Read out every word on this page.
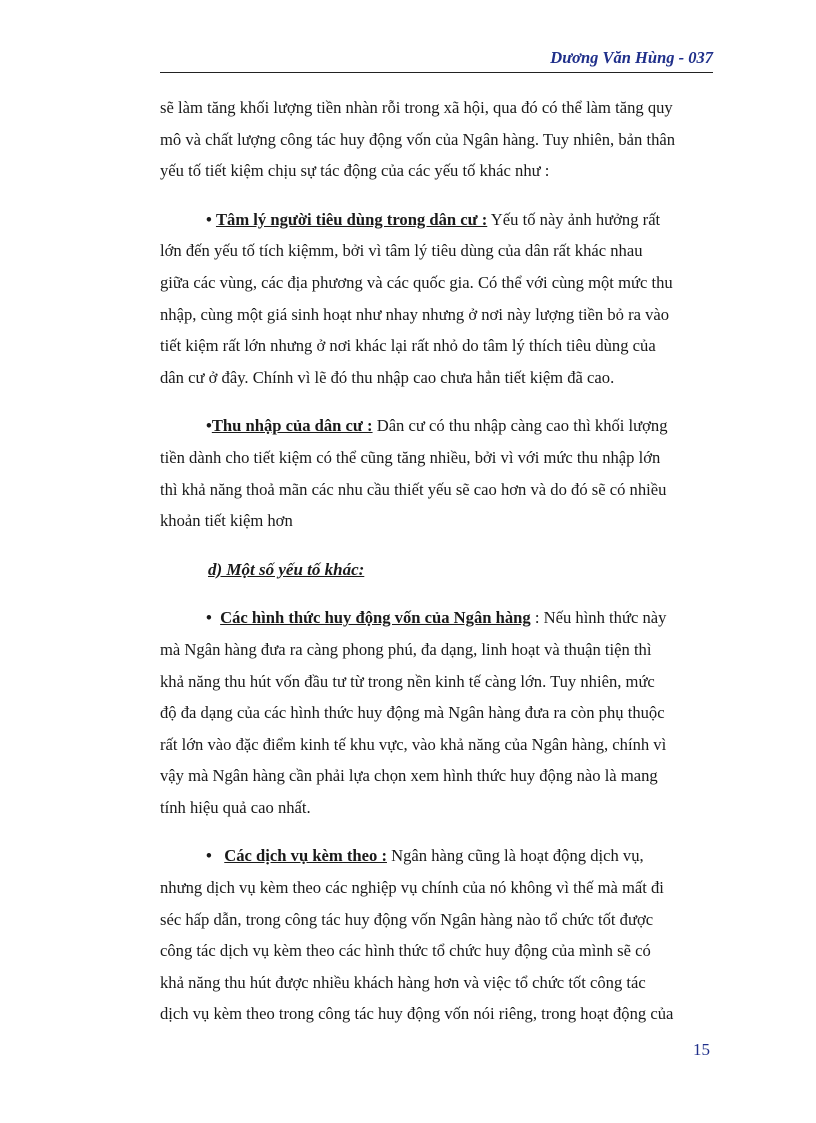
Dương Văn Hùng - 037

sẽ làm tăng khối lượng tiền nhàn rỗi trong xã hội, qua đó có thể làm tăng quy
mô và chất lượng công tác huy động vốn của Ngân hàng. Tuy nhiên, bản thân
yếu tố tiết kiệm chịu sự tác động của các yếu tố khác như :

• Tâm lý người tiêu dùng trong dân cư : Yếu tố này ảnh hưởng rất
lớn đến yếu tố tích kiệmm, bởi vì tâm lý tiêu dùng của dân rất khác nhau
giữa các vùng, các địa phương và các quốc gia. Có thể với cùng một mức thu
nhập, cùng một giá sinh hoạt như nhay nhưng ở nơi này lượng tiền bỏ ra vào
tiết kiệm rất lớn nhưng ở nơi khác lại rất nhỏ do tâm lý thích tiêu dùng của
dân cư ở đây. Chính vì lẽ đó thu nhập cao chưa hẳn tiết kiệm đã cao.

•Thu nhập của dân cư : Dân cư có thu nhập càng cao thì khối lượng
tiền dành cho tiết kiệm có thể cũng tăng nhiều, bởi vì với mức thu nhập lớn
thì khả năng thoả mãn các nhu cầu thiết yếu sẽ cao hơn và do đó sẽ có nhiều
khoản tiết kiệm hơn

d) Một số yếu tố khác:

• Các hình thức huy động vốn của Ngân hàng : Nếu hình thức này
mà Ngân hàng đưa ra càng phong phú, đa dạng, linh hoạt và thuận tiện thì
khả năng thu hút vốn đầu tư từ trong nền kinh tế càng lớn. Tuy nhiên, mức
độ đa dạng của các hình thức huy động mà Ngân hàng đưa ra còn phụ thuộc
rất lớn vào đặc điểm kinh tế khu vực, vào khả năng của Ngân hàng, chính vì
vậy mà Ngân hàng cần phải lựa chọn xem hình thức huy động nào là mang
tính hiệu quả cao nhất.

• Các dịch vụ kèm theo : Ngân hàng cũng là hoạt động dịch vụ,
nhưng dịch vụ kèm theo các nghiệp vụ chính của nó không vì thế mà mất đi
séc hấp dẫn, trong công tác huy động vốn Ngân hàng nào tổ chức tốt được
công tác dịch vụ kèm theo các hình thức tổ chức huy động của mình sẽ có
khả năng thu hút được nhiều khách hàng hơn và việc tổ chức tốt công tác
dịch vụ kèm theo trong công tác huy động vốn nói riêng, trong hoạt động của

15
